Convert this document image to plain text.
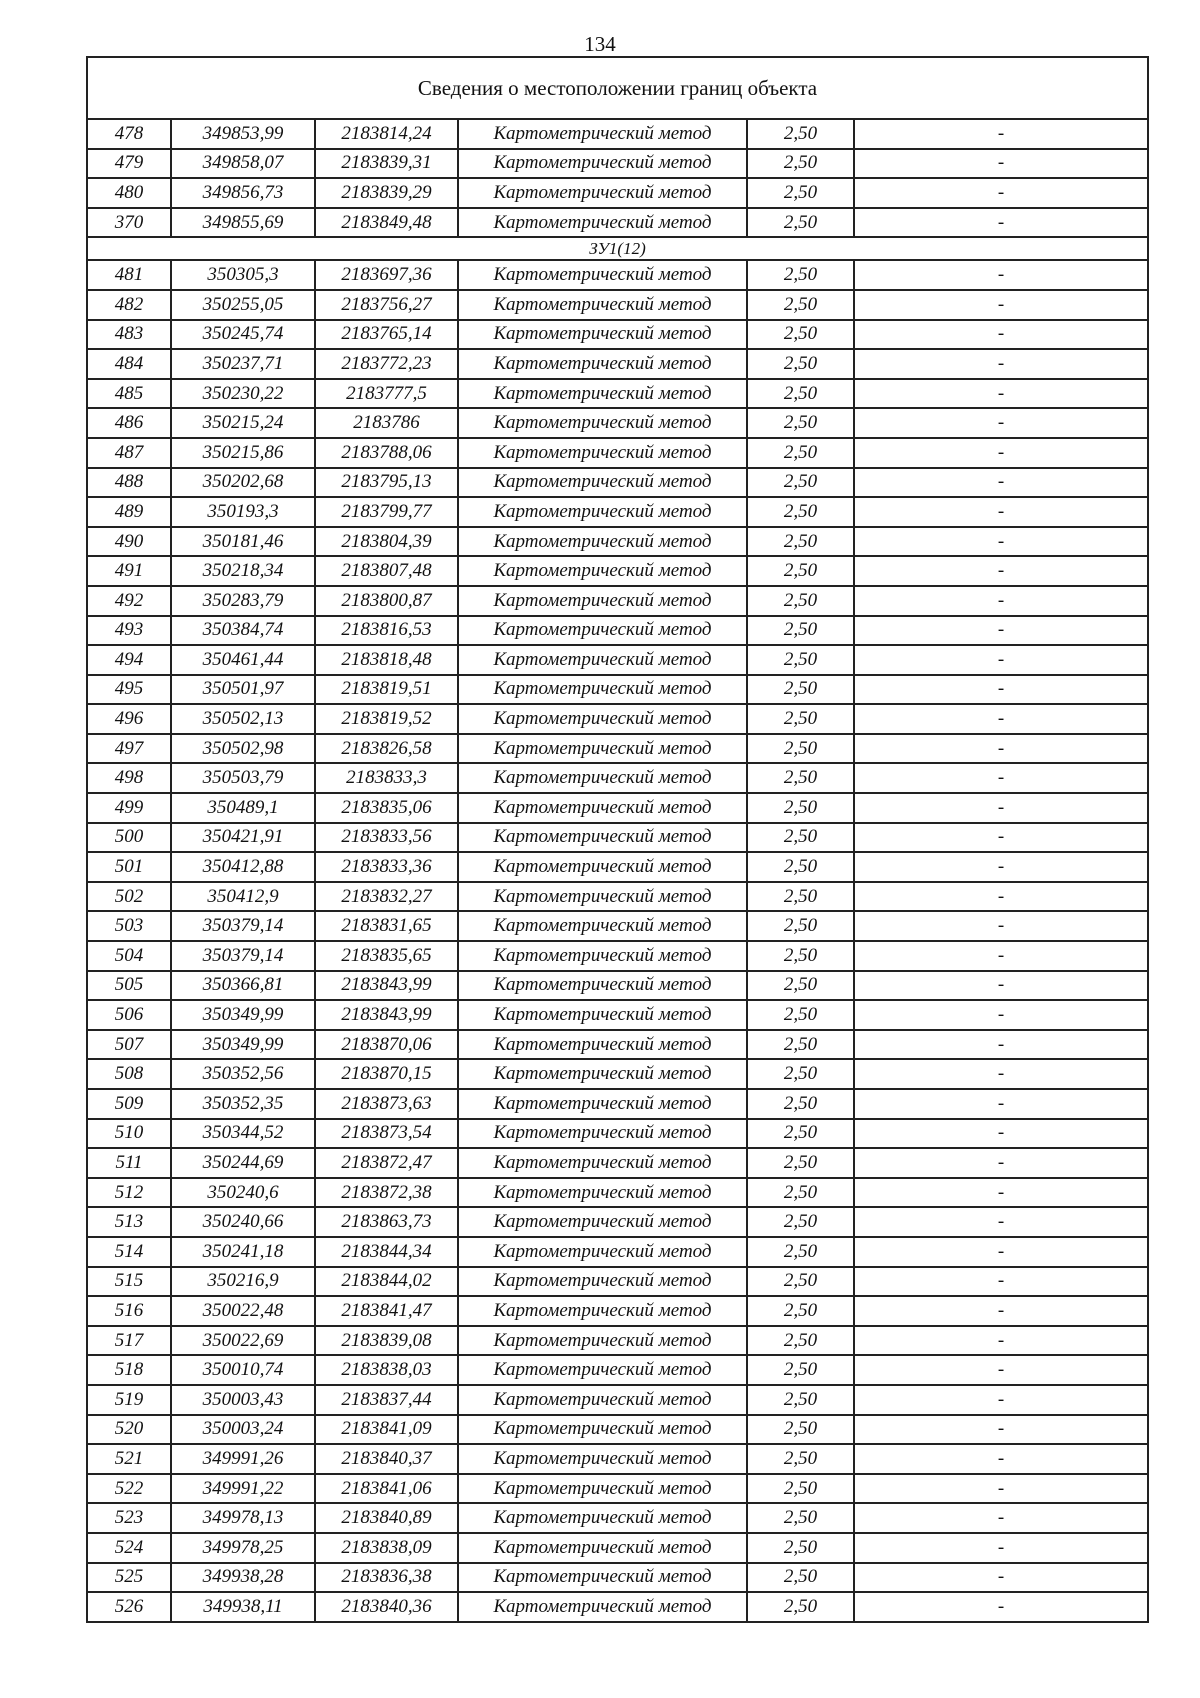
134
Сведения о местоположении границ объекта					
478	349853,99	2183814,24	Картометрический метод	2,50	-
479	349858,07	2183839,31	Картометрический метод	2,50	-
480	349856,73	2183839,29	Картометрический метод	2,50	-
370	349855,69	2183849,48	Картометрический метод	2,50	-
ЗУ1(12)					
481	350305,3	2183697,36	Картометрический метод	2,50	-
482	350255,05	2183756,27	Картометрический метод	2,50	-
483	350245,74	2183765,14	Картометрический метод	2,50	-
484	350237,71	2183772,23	Картометрический метод	2,50	-
485	350230,22	2183777,5	Картометрический метод	2,50	-
486	350215,24	2183786	Картометрический метод	2,50	-
487	350215,86	2183788,06	Картометрический метод	2,50	-
488	350202,68	2183795,13	Картометрический метод	2,50	-
489	350193,3	2183799,77	Картометрический метод	2,50	-
490	350181,46	2183804,39	Картометрический метод	2,50	-
491	350218,34	2183807,48	Картометрический метод	2,50	-
492	350283,79	2183800,87	Картометрический метод	2,50	-
493	350384,74	2183816,53	Картометрический метод	2,50	-
494	350461,44	2183818,48	Картометрический метод	2,50	-
495	350501,97	2183819,51	Картометрический метод	2,50	-
496	350502,13	2183819,52	Картометрический метод	2,50	-
497	350502,98	2183826,58	Картометрический метод	2,50	-
498	350503,79	2183833,3	Картометрический метод	2,50	-
499	350489,1	2183835,06	Картометрический метод	2,50	-
500	350421,91	2183833,56	Картометрический метод	2,50	-
501	350412,88	2183833,36	Картометрический метод	2,50	-
502	350412,9	2183832,27	Картометрический метод	2,50	-
503	350379,14	2183831,65	Картометрический метод	2,50	-
504	350379,14	2183835,65	Картометрический метод	2,50	-
505	350366,81	2183843,99	Картометрический метод	2,50	-
506	350349,99	2183843,99	Картометрический метод	2,50	-
507	350349,99	2183870,06	Картометрический метод	2,50	-
508	350352,56	2183870,15	Картометрический метод	2,50	-
509	350352,35	2183873,63	Картометрический метод	2,50	-
510	350344,52	2183873,54	Картометрический метод	2,50	-
511	350244,69	2183872,47	Картометрический метод	2,50	-
512	350240,6	2183872,38	Картометрический метод	2,50	-
513	350240,66	2183863,73	Картометрический метод	2,50	-
514	350241,18	2183844,34	Картометрический метод	2,50	-
515	350216,9	2183844,02	Картометрический метод	2,50	-
516	350022,48	2183841,47	Картометрический метод	2,50	-
517	350022,69	2183839,08	Картометрический метод	2,50	-
518	350010,74	2183838,03	Картометрический метод	2,50	-
519	350003,43	2183837,44	Картометрический метод	2,50	-
520	350003,24	2183841,09	Картометрический метод	2,50	-
521	349991,26	2183840,37	Картометрический метод	2,50	-
522	349991,22	2183841,06	Картометрический метод	2,50	-
523	349978,13	2183840,89	Картометрический метод	2,50	-
524	349978,25	2183838,09	Картометрический метод	2,50	-
525	349938,28	2183836,38	Картометрический метод	2,50	-
526	349938,11	2183840,36	Картометрический метод	2,50	-
